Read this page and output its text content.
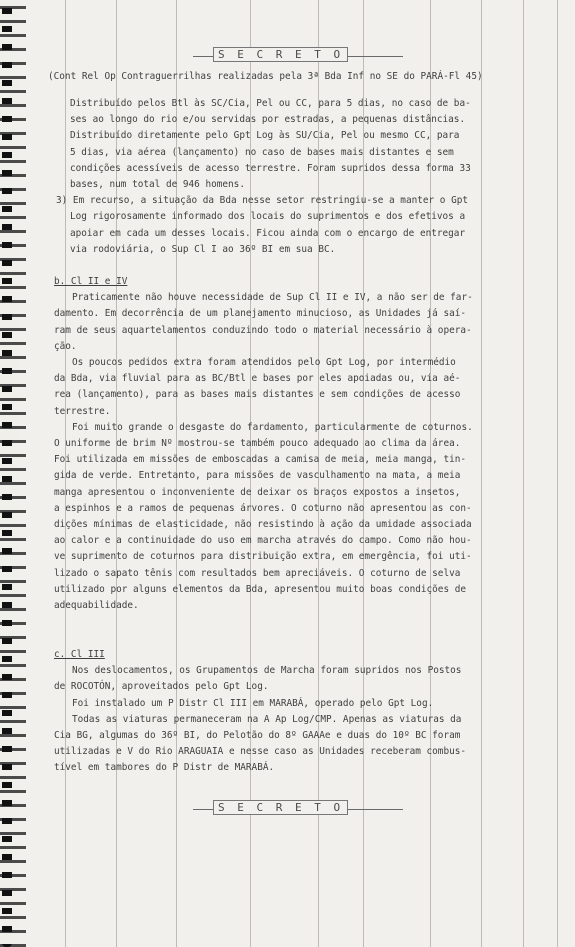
S E C R E T O
(Cont Rel Op Contraguerrilhas realizadas pela 3ª Bda Inf no SE do PARÁ-Fl 45)
Distribuído pelos Btl às SC/Cia, Pel ou CC, para 5 dias, no caso de ba-
ses ao longo do rio e/ou servidas por estradas, a pequenas distâncias.
Distribuído diretamente pelo Gpt Log às SU/Cia, Pel ou mesmo CC, para
5 dias, via aérea (lançamento) no caso de bases mais distantes e sem
condições acessíveis de acesso terrestre. Foram supridos dessa forma 33
bases, num total de 946 homens.
3) Em recurso, a situação da Bda nesse setor restringiu-se a manter o Gpt
Log rigorosamente informado dos locais do suprimentos e dos efetivos a
apoiar em cada um desses locais. Ficou ainda com o encargo de entregar
via rodoviária, o Sup Cl I ao 36º BI em sua BC.
b. Cl II e IV
Praticamente não houve necessidade de Sup Cl II e IV, a não ser de far-
damento. Em decorrência de um planejamento minucioso, as Unidades já saí-
ram de seus aquartelamentos conduzindo todo o material necessário à opera-
ção.
Os poucos pedidos extra foram atendidos pelo Gpt Log, por intermédio
da Bda, via fluvial para as BC/Btl e bases por eles apoiadas ou, via aé-
rea (lançamento), para as bases mais distantes e sem condições de acesso
terrestre.
Foi muito grande o desgaste do fardamento, particularmente de coturnos.
O uniforme de brim Nº mostrou-se também pouco adequado ao clima da área.
Foi utilizada em missões de emboscadas a camisa de meia, meia manga, tin-
gida de verde. Entretanto, para missões de vasculhamento na mata, a meia
manga apresentou o inconveniente de deixar os braços expostos a insetos,
a espinhos e a ramos de pequenas árvores. O coturno não apresentou as con-
dições mínimas de elasticidade, não resistindo à ação da umidade associada
ao calor e a continuidade do uso em marcha através do campo. Como não hou-
ve suprimento de coturnos para distribuição extra, em emergência, foi uti-
lizado o sapato tênis com resultados bem apreciáveis. O coturno de selva
utilizado por alguns elementos da Bda, apresentou muito boas condições de
adequabilidade.
c. Cl III
Nos deslocamentos, os Grupamentos de Marcha foram supridos nos Postos
de ROCOTÓN, aproveitados pelo Gpt Log.
Foi instalado um P Distr Cl III em MARABÁ, operado pelo Gpt Log.
Todas as viaturas permaneceram na A Ap Log/CMP. Apenas as viaturas da
Cia BG, algumas do 36º BI, do Pelotão do 8º GAAAe e duas do 10º BC foram
utilizadas e V do Rio ARAGUAIA e nesse caso as Unidades receberam combus-
tível em tambores do P Distr de MARABÁ.
S E C R E T O
